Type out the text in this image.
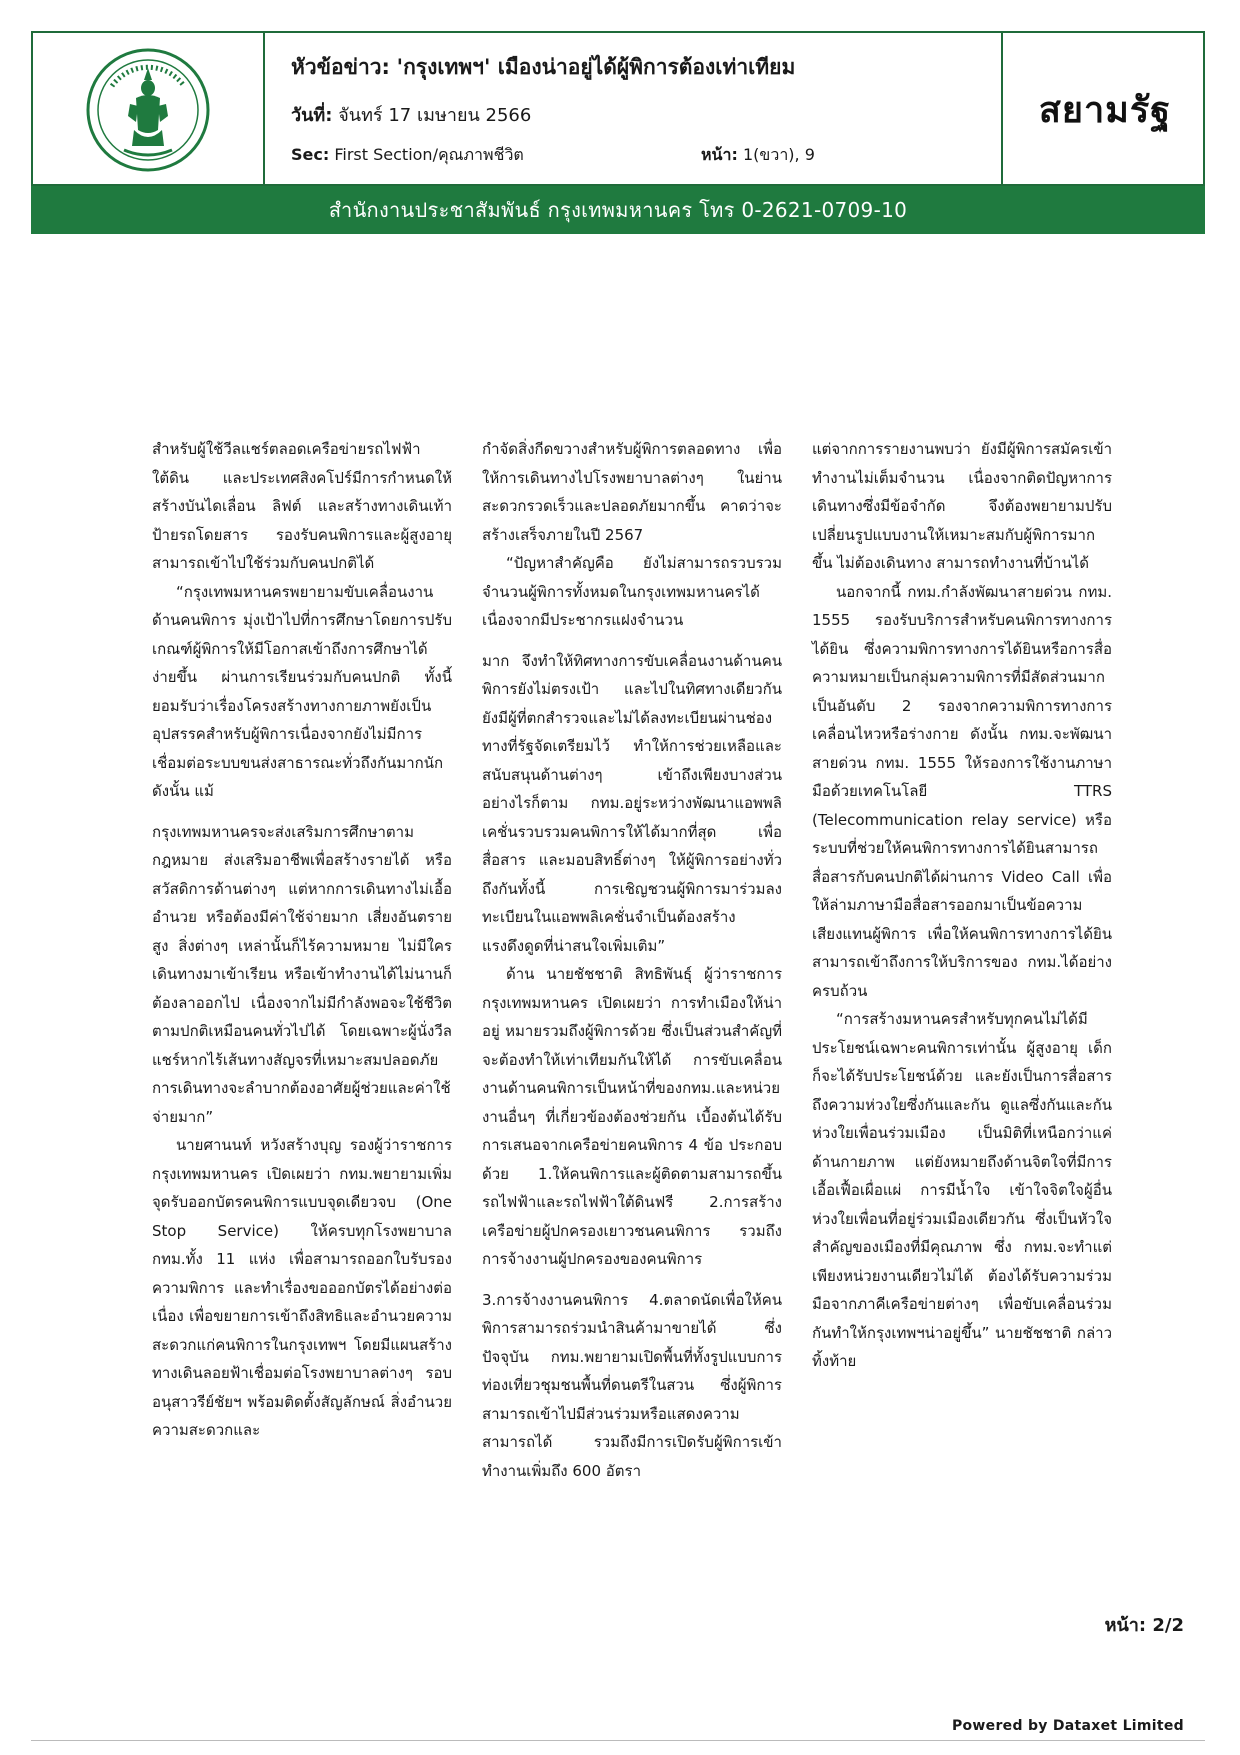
หัวข้อข่าว: 'กรุงเทพฯ' เมืองน่าอยู่ได้ผู้พิการต้องเท่าเทียม
วันที่: จันทร์ 17 เมษายน 2566
Sec: First Section/คุณภาพชีวิต	หน้า: 1(ขวา), 9
สยามรัฐ
สำนักงานประชาสัมพันธ์ กรุงเทพมหานคร โทร 0-2621-0709-10

สำหรับผู้ใช้วีลแชร์ตลอดเครือข่ายรถไฟฟ้าใต้ดิน และประเทศสิงคโปร์มีการกำหนดให้สร้างบันไดเลื่อน ลิฟต์ และสร้างทางเดินเท้า ป้ายรถโดยสาร รองรับคนพิการและผู้สูงอายุสามารถเข้าไปใช้ร่วมกับคนปกติได้

“กรุงเทพมหานครพยายามขับเคลื่อนงานด้านคนพิการ มุ่งเป้าไปที่การศึกษาโดยการปรับเกณฑ์ผู้พิการให้มีโอกาสเข้าถึงการศึกษาได้ง่ายขึ้น ผ่านการเรียนร่วมกับคนปกติ ทั้งนี้ ยอมรับว่าเรื่องโครงสร้างทางกายภาพยังเป็นอุปสรรคสำหรับผู้พิการเนื่องจากยังไม่มีการเชื่อมต่อระบบขนส่งสาธารณะทั่วถึงกันมากนัก ดังนั้น แม้

กรุงเทพมหานครจะส่งเสริมการศึกษาตามกฎหมาย ส่งเสริมอาชีพเพื่อสร้างรายได้ หรือสวัสดิการด้านต่างๆ แต่หากการเดินทางไม่เอื้ออำนวย หรือต้องมีค่าใช้จ่ายมาก เสี่ยงอันตรายสูง สิ่งต่างๆ เหล่านั้นก็ไร้ความหมาย ไม่มีใครเดินทางมาเข้าเรียน หรือเข้าทำงานได้ไม่นานก็ต้องลาออกไป เนื่องจากไม่มีกำลังพอจะใช้ชีวิตตามปกติเหมือนคนทั่วไปได้ โดยเฉพาะผู้นั่งวีลแชร์หากไร้เส้นทางสัญจรที่เหมาะสมปลอดภัย การเดินทางจะลำบากต้องอาศัยผู้ช่วยและค่าใช้จ่ายมาก”

นายศานนท์ หวังสร้างบุญ รองผู้ว่าราชการกรุงเทพมหานคร เปิดเผยว่า กทม.พยายามเพิ่มจุดรับออกบัตรคนพิการแบบจุดเดียวจบ (One Stop Service) ให้ครบทุกโรงพยาบาล กทม.ทั้ง 11 แห่ง เพื่อสามารถออกใบรับรองความพิการ และทำเรื่องขอออกบัตรได้อย่างต่อเนื่อง เพื่อขยายการเข้าถึงสิทธิและอำนวยความสะดวกแก่คนพิการในกรุงเทพฯ โดยมีแผนสร้างทางเดินลอยฟ้าเชื่อมต่อโรงพยาบาลต่างๆ รอบอนุสาวรีย์ชัยฯ พร้อมติดตั้งสัญลักษณ์ สิ่งอำนวยความสะดวกและ

กำจัดสิ่งกีดขวางสำหรับผู้พิการตลอดทาง เพื่อให้การเดินทางไปโรงพยาบาลต่างๆ ในย่านสะดวกรวดเร็วและปลอดภัยมากขึ้น คาดว่าจะสร้างเสร็จภายในปี 2567

“ปัญหาสำคัญคือ ยังไม่สามารถรวบรวมจำนวนผู้พิการทั้งหมดในกรุงเทพมหานครได้ เนื่องจากมีประชากรแฝงจำนวน

มาก จึงทำให้ทิศทางการขับเคลื่อนงานด้านคนพิการยังไม่ตรงเป้า และไปในทิศทางเดียวกัน ยังมีผู้ที่ตกสำรวจและไม่ได้ลงทะเบียนผ่านช่องทางที่รัฐจัดเตรียมไว้ ทำให้การช่วยเหลือและสนับสนุนด้านต่างๆ เข้าถึงเพียงบางส่วน อย่างไรก็ตาม กทม.อยู่ระหว่างพัฒนาแอพพลิเคชั่นรวบรวมคนพิการให้ได้มากที่สุด เพื่อสื่อสาร และมอบสิทธิ์ต่างๆ ให้ผู้พิการอย่างทั่วถึงกันทั้งนี้ การเชิญชวนผู้พิการมาร่วมลงทะเบียนในแอพพลิเคชั่นจำเป็นต้องสร้างแรงดึงดูดที่น่าสนใจเพิ่มเติม”

ด้าน นายชัชชาติ สิทธิพันธุ์ ผู้ว่าราชการกรุงเทพมหานคร เปิดเผยว่า การทำเมืองให้น่าอยู่ หมายรวมถึงผู้พิการด้วย ซึ่งเป็นส่วนสำคัญที่จะต้องทำให้เท่าเทียมกันให้ได้ การขับเคลื่อนงานด้านคนพิการเป็นหน้าที่ของกทม.และหน่วยงานอื่นๆ ที่เกี่ยวข้องต้องช่วยกัน เบื้องต้นได้รับการเสนอจากเครือข่ายคนพิการ 4 ข้อ ประกอบด้วย 1.ให้คนพิการและผู้ติดตามสามารถขึ้นรถไฟฟ้าและรถไฟฟ้าใต้ดินฟรี 2.การสร้างเครือข่ายผู้ปกครองเยาวชนคนพิการ รวมถึงการจ้างงานผู้ปกครองของคนพิการ

3.การจ้างงานคนพิการ 4.ตลาดนัดเพื่อให้คนพิการสามารถร่วมนำสินค้ามาขายได้ ซึ่งปัจจุบัน กทม.พยายามเปิดพื้นที่ทั้งรูปแบบการท่องเที่ยวชุมชนพื้นที่ดนตรีในสวน ซึ่งผู้พิการสามารถเข้าไปมีส่วนร่วมหรือแสดงความสามารถได้ รวมถึงมีการเปิดรับผู้พิการเข้าทำงานเพิ่มถึง 600 อัตรา

แต่จากการรายงานพบว่า ยังมีผู้พิการสมัครเข้าทำงานไม่เต็มจำนวน เนื่องจากติดปัญหาการเดินทางซึ่งมีข้อจำกัด จึงต้องพยายามปรับเปลี่ยนรูปแบบงานให้เหมาะสมกับผู้พิการมากขึ้น ไม่ต้องเดินทาง สามารถทำงานที่บ้านได้

นอกจากนี้ กทม.กำลังพัฒนาสายด่วน กทม. 1555 รองรับบริการสำหรับคนพิการทางการได้ยิน ซึ่งความพิการทางการได้ยินหรือการสื่อความหมายเป็นกลุ่มความพิการที่มีสัดส่วนมากเป็นอันดับ 2 รองจากความพิการทางการเคลื่อนไหวหรือร่างกาย ดังนั้น กทม.จะพัฒนาสายด่วน กทม. 1555 ให้รองการใช้งานภาษามือด้วยเทคโนโลยี TTRS (Telecommunication relay service) หรือระบบที่ช่วยให้คนพิการทางการได้ยินสามารถสื่อสารกับคนปกติได้ผ่านการ Video Call เพื่อให้ล่ามภาษามือสื่อสารออกมาเป็นข้อความเสียงแทนผู้พิการ เพื่อให้คนพิการทางการได้ยินสามารถเข้าถึงการให้บริการของ กทม.ได้อย่างครบถ้วน

“การสร้างมหานครสำหรับทุกคนไม่ได้มีประโยชน์เฉพาะคนพิการเท่านั้น ผู้สูงอายุ เด็ก ก็จะได้รับประโยชน์ด้วย และยังเป็นการสื่อสารถึงความห่วงใยซึ่งกันและกัน ดูแลซึ่งกันและกัน ห่วงใยเพื่อนร่วมเมือง เป็นมิติที่เหนือกว่าแค่ด้านกายภาพ แต่ยังหมายถึงด้านจิตใจที่มีการเอื้อเฟื้อเผื่อแผ่ การมีน้ำใจ เข้าใจจิตใจผู้อื่นห่วงใยเพื่อนที่อยู่ร่วมเมืองเดียวกัน ซึ่งเป็นหัวใจสำคัญของเมืองที่มีคุณภาพ ซึ่ง กทม.จะทำแต่เพียงหน่วยงานเดียวไม่ได้ ต้องได้รับความร่วมมือจากภาคีเครือข่ายต่างๆ เพื่อขับเคลื่อนร่วมกันทำให้กรุงเทพฯน่าอยู่ขึ้น” นายชัชชาติ กล่าวทิ้งท้าย

หน้า: 2/2
Powered by Dataxet Limited
